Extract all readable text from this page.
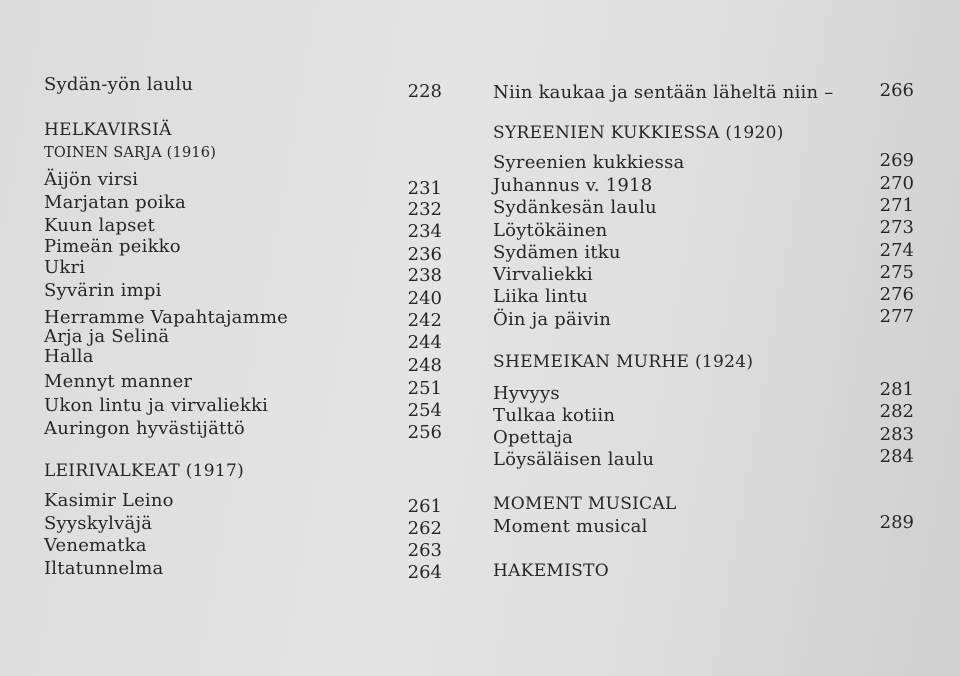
Sydän-yön laulu	228
HELKAVIRSIÄ
TOINEN SARJA (1916)
Äijön virsi	231
Marjatan poika	232
Kuun lapset	234
Pimeän peikko	236
Ukri	238
Syvärin impi	240
Herramme Vapahtajamme	242
Arja ja Selinä	244
Halla	248
Mennyt manner	251
Ukon lintu ja virvaliekki	254
Auringon hyvästijättö	256
LEIRIVALKEAT (1917)
Kasimir Leino	261
Syyskylväjä	262
Venematka	263
Iltatunnelma	264
Niin kaukaa ja sentään läheltä niin –	266
SYREENIEN KUKKIESSA (1920)
Syreenien kukkiessa	269
Juhannus v. 1918	270
Sydänkesän laulu	271
Löytökäinen	273
Sydämen itku	274
Virvaliekki	275
Liika lintu	276
Öin ja päivin	277
SHEMEIKAN MURHE (1924)
Hyvyys	281
Tulkaa kotiin	282
Opettaja	283
Löysäläisen laulu	284
MOMENT MUSICAL
Moment musical	289
HAKEMISTO
